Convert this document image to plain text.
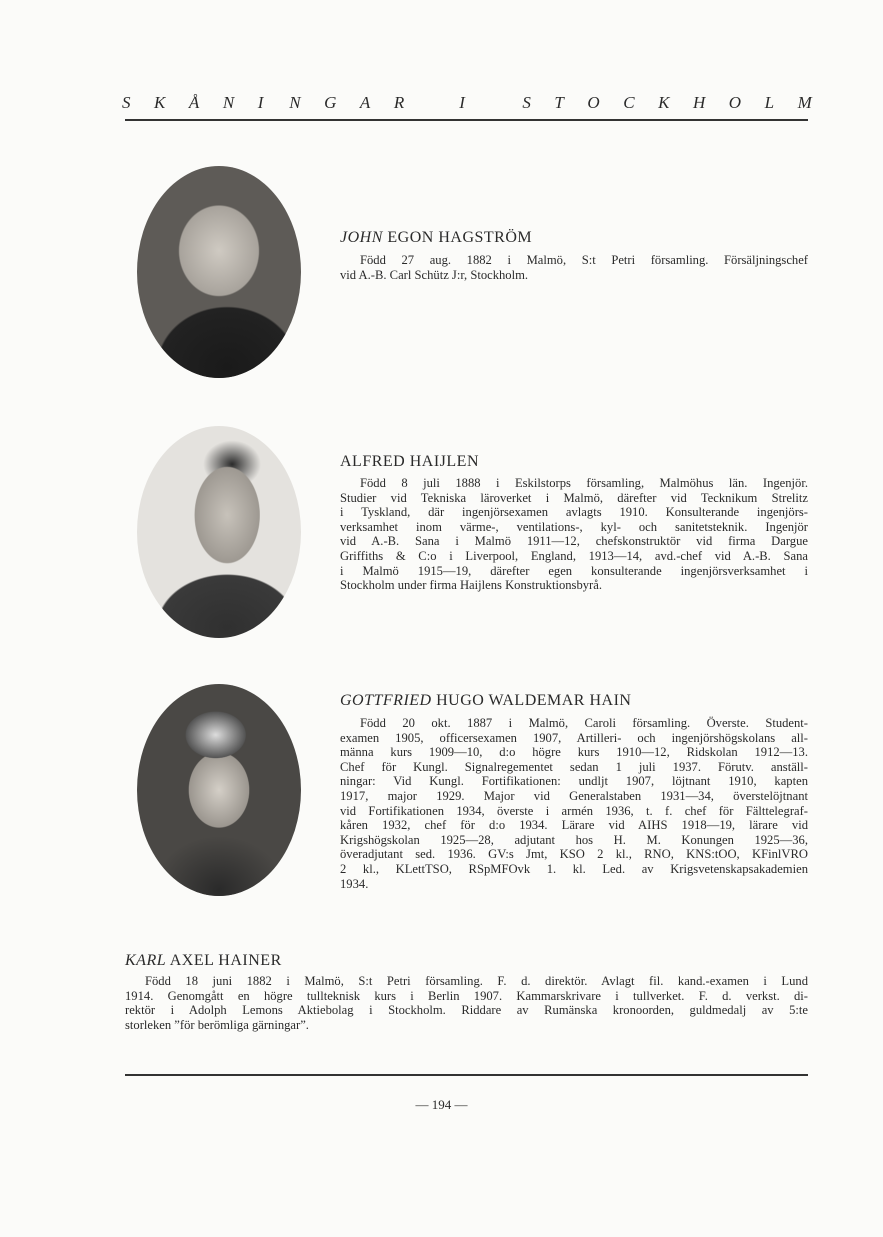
S K Å N I N G A R	I	S T O C K H O L M
JOHN EGON HAGSTRÖM
Född 27 aug. 1882 i Malmö, S:t Petri församling. Försäljningschef
vid A.-B. Carl Schütz J:r, Stockholm.
ALFRED HAIJLEN
Född 8 juli 1888 i Eskilstorps församling, Malmöhus län. Ingenjör.
Studier vid Tekniska läroverket i Malmö, därefter vid Tecknikum Strelitz
i Tyskland, där ingenjörsexamen avlagts 1910. Konsulterande ingenjörs-
verksamhet inom värme-, ventilations-, kyl- och sanitetsteknik. Ingenjör
vid A.-B. Sana i Malmö 1911—12, chefskonstruktör vid firma Dargue
Griffiths & C:o i Liverpool, England, 1913—14, avd.-chef vid A.-B. Sana
i Malmö 1915—19, därefter egen konsulterande ingenjörsverksamhet i
Stockholm under firma Haijlens Konstruktionsbyrå.
GOTTFRIED HUGO WALDEMAR HAIN
Född 20 okt. 1887 i Malmö, Caroli församling. Överste. Student-
examen 1905, officersexamen 1907, Artilleri- och ingenjörshögskolans all-
männa kurs 1909—10, d:o högre kurs 1910—12, Ridskolan 1912—13.
Chef för Kungl. Signalregementet sedan 1 juli 1937. Förutv. anställ-
ningar: Vid Kungl. Fortifikationen: undljt 1907, löjtnant 1910, kapten
1917, major 1929. Major vid Generalstaben 1931—34, överstelöjtnant
vid Fortifikationen 1934, överste i armén 1936, t. f. chef för Fälttelegraf-
kåren 1932, chef för d:o 1934. Lärare vid AIHS 1918—19, lärare vid
Krigshögskolan 1925—28, adjutant hos H. M. Konungen 1925—36,
överadjutant sed. 1936. GV:s Jmt, KSO 2 kl., RNO, KNS:tOO, KFinlVRO
2 kl., KLettTSO, RSpMFOvk 1. kl. Led. av Krigsvetenskapsakademien
1934.
KARL AXEL HAINER
Född 18 juni 1882 i Malmö, S:t Petri församling. F. d. direktör. Avlagt fil. kand.-examen i Lund
1914. Genomgått en högre tullteknisk kurs i Berlin 1907. Kammarskrivare i tullverket. F. d. verkst. di-
rektör i Adolph Lemons Aktiebolag i Stockholm. Riddare av Rumänska kronoorden, guldmedalj av 5:te
storleken ”för berömliga gärningar”.
— 194 —
